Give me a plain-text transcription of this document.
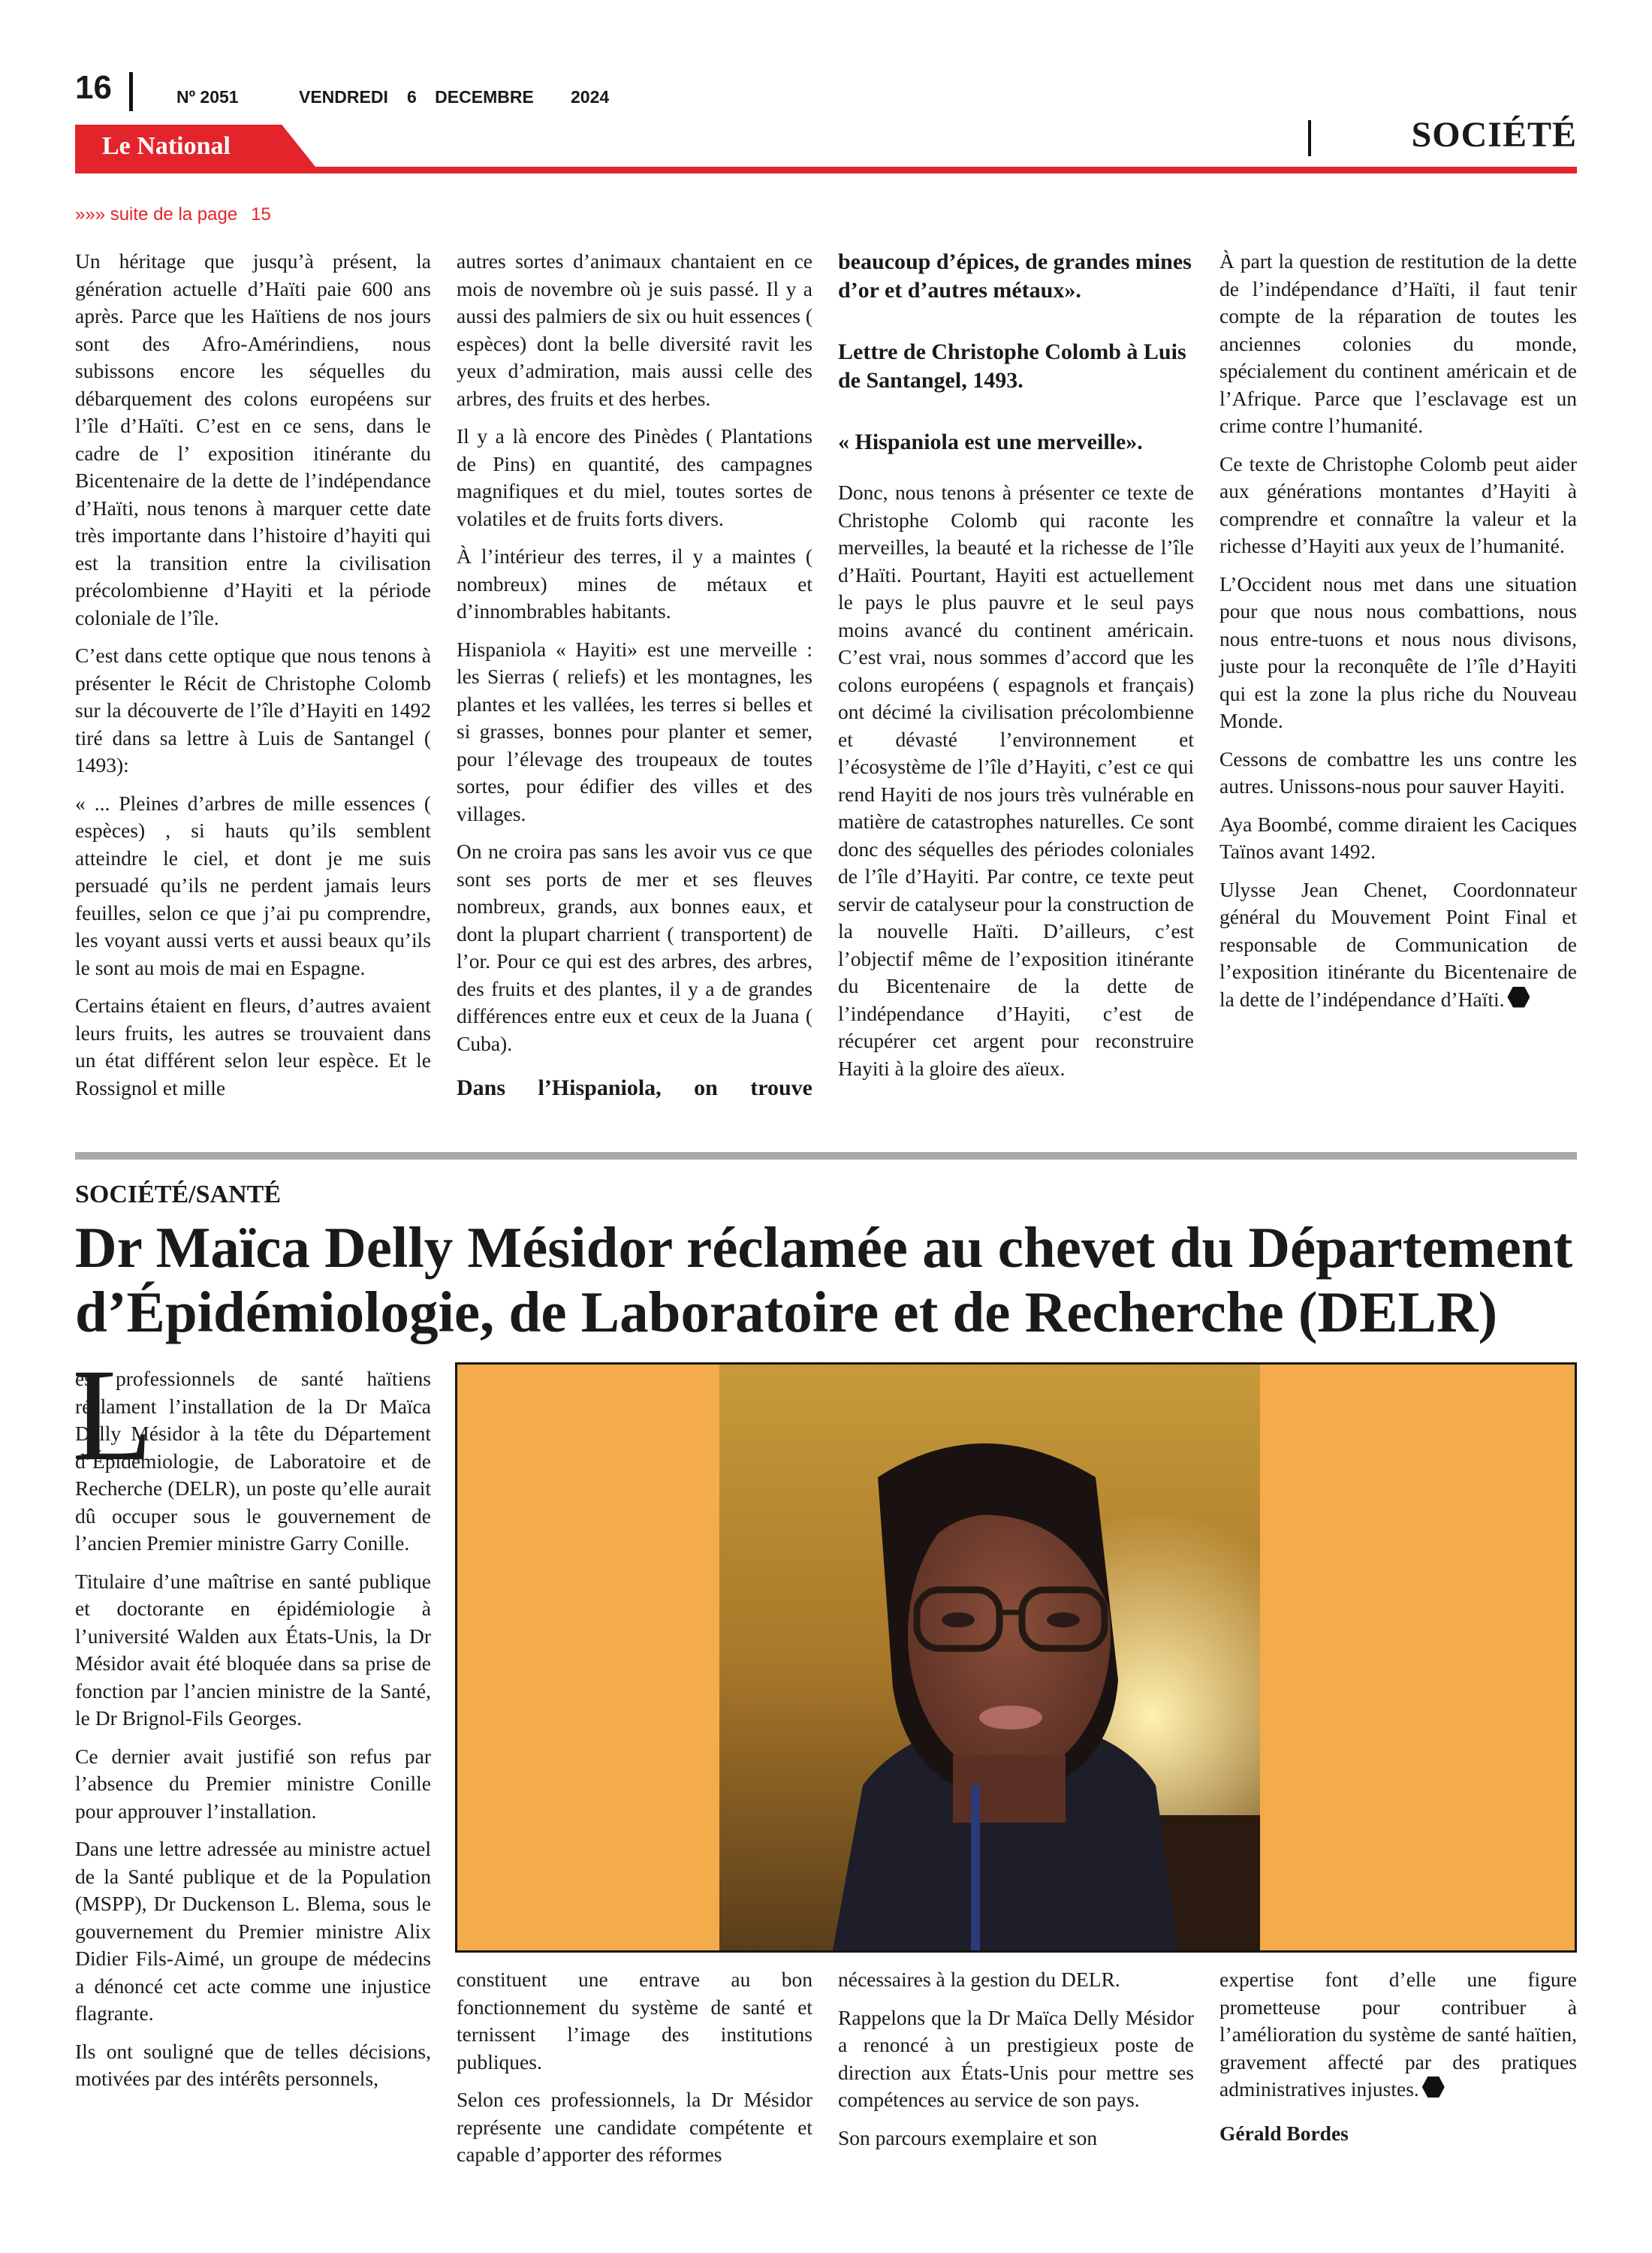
16	Nº 2051	VENDREDI 6 DECEMBRE 2024
Le National	SOCIÉTÉ
»»» suite de la page 15

Un héritage que jusqu’à présent, la génération actuelle d’Haïti paie 600 ans après. Parce que les Haïtiens de nos jours sont des Afro-Amérindiens, nous subissons encore les séquelles du débarquement des colons européens sur l’île d’Haïti. C’est en ce sens, dans le cadre de l’ exposition itinérante du Bicentenaire de la dette de l’indépendance d’Haïti, nous tenons à marquer cette date très importante dans l’histoire d’hayiti qui est la transition entre la civilisation précolombienne d’Hayiti et la période coloniale de l’île.

C’est dans cette optique que nous tenons à présenter le Récit de Christophe Colomb sur la découverte de l’île d’Hayiti en 1492 tiré dans sa lettre à Luis de Santangel ( 1493):

« ... Pleines d’arbres de mille essences ( espèces) , si hauts qu’ils semblent atteindre le ciel, et dont je me suis persuadé qu’ils ne perdent jamais leurs feuilles, selon ce que j’ai pu comprendre, les voyant aussi verts et aussi beaux qu’ils le sont au mois de mai en Espagne.

Certains étaient en fleurs, d’autres avaient leurs fruits, les autres se trouvaient dans un état différent selon leur espèce. Et le Rossignol et mille

autres sortes d’animaux chantaient en ce mois de novembre où je suis passé. Il y a aussi des palmiers de six ou huit essences ( espèces) dont la belle diversité ravit les yeux d’admiration, mais aussi celle des arbres, des fruits et des herbes.

Il y a là encore des Pinèdes ( Plantations de Pins) en quantité, des campagnes magnifiques et du miel, toutes sortes de volatiles et de fruits forts divers.

À l’intérieur des terres, il y a maintes ( nombreux) mines de métaux et d’innombrables habitants.

Hispaniola « Hayiti» est une merveille : les Sierras ( reliefs) et les montagnes, les plantes et les vallées, les terres si belles et si grasses, bonnes pour planter et semer, pour l’élevage des troupeaux de toutes sortes, pour édifier des villes et des villages.

On ne croira pas sans les avoir vus ce que sont ses ports de mer et ses fleuves nombreux, grands, aux bonnes eaux, et dont la plupart charrient ( transportent) de l’or. Pour ce qui est des arbres, des arbres, des fruits et des plantes, il y a de grandes différences entre eux et ceux de la Juana ( Cuba).

Dans l’Hispaniola, on trouve

beaucoup d’épices, de grandes mines d’or et d’autres métaux».

Lettre de Christophe Colomb à Luis de Santangel, 1493.

« Hispaniola est une merveille».

Donc, nous tenons à présenter ce texte de Christophe Colomb qui raconte les merveilles, la beauté et la richesse de l’île d’Haïti. Pourtant, Hayiti est actuellement le pays le plus pauvre et le seul pays moins avancé du continent américain. C’est vrai, nous sommes d’accord que les colons européens ( espagnols et français) ont décimé la civilisation précolombienne et dévasté l’environnement et l’écosystème de l’île d’Hayiti, c’est ce qui rend Hayiti de nos jours très vulnérable en matière de catastrophes naturelles. Ce sont donc des séquelles des périodes coloniales de l’île d’Hayiti. Par contre, ce texte peut servir de catalyseur pour la construction de la nouvelle Haïti. D’ailleurs, c’est l’objectif même de l’exposition itinérante du Bicentenaire de la dette de l’indépendance d’Hayiti, c’est de récupérer cet argent pour reconstruire Hayiti à la gloire des aïeux.

À part la question de restitution de la dette de l’indépendance d’Haïti, il faut tenir compte de la réparation de toutes les anciennes colonies du monde, spécialement du continent américain et de l’Afrique. Parce que l’esclavage est un crime contre l’humanité.

Ce texte de Christophe Colomb peut aider aux générations montantes d’Hayiti à comprendre et connaître la valeur et la richesse d’Hayiti aux yeux de l’humanité.

L’Occident nous met dans une situation pour que nous nous combattions, nous nous entre-tuons et nous nous divisons, juste pour la reconquête de l’île d’Hayiti qui est la zone la plus riche du Nouveau Monde.

Cessons de combattre les uns contre les autres. Unissons-nous pour sauver Hayiti.

Aya Boombé, comme diraient les Caciques Taïnos avant 1492.

Ulysse Jean Chenet, Coordonnateur général du Mouvement Point Final et responsable de Communication de l’exposition itinérante du Bicentenaire de la dette de l’indépendance d’Haïti.

SOCIÉTÉ/SANTÉ
Dr Maïca Delly Mésidor réclamée au chevet du Département d’Épidémiologie, de Laboratoire et de Recherche (DELR)
L

es professionnels de santé haïtiens réclament l’installation de la Dr Maïca Delly Mésidor à la tête du Département d’Épidémiologie, de Laboratoire et de Recherche (DELR), un poste qu’elle aurait dû occuper sous le gouvernement de l’ancien Premier ministre Garry Conille.

Titulaire d’une maîtrise en santé publique et doctorante en épidémiologie à l’université Walden aux États-Unis, la Dr Mésidor avait été bloquée dans sa prise de fonction par l’ancien ministre de la Santé, le Dr Brignol-Fils Georges.

Ce dernier avait justifié son refus par l’absence du Premier ministre Conille pour approuver l’installation.

Dans une lettre adressée au ministre actuel de la Santé publique et de la Population (MSPP), Dr Duckenson L. Blema, sous le gouvernement du Premier ministre Alix Didier Fils-Aimé, un groupe de médecins a dénoncé cet acte comme une injustice flagrante.

Ils ont souligné que de telles décisions, motivées par des intérêts personnels,

constituent une entrave au bon fonctionnement du système de santé et ternissent l’image des institutions publiques.

Selon ces professionnels, la Dr Mésidor représente une candidate compétente et capable d’apporter des réformes

nécessaires à la gestion du DELR.

Rappelons que la Dr Maïca Delly Mésidor a renoncé à un prestigieux poste de direction aux États-Unis pour mettre ses compétences au service de son pays.

Son parcours exemplaire et son

expertise font d’elle une figure prometteuse pour contribuer à l’amélioration du système de santé haïtien, gravement affecté par des pratiques administratives injustes.

Gérald Bordes
